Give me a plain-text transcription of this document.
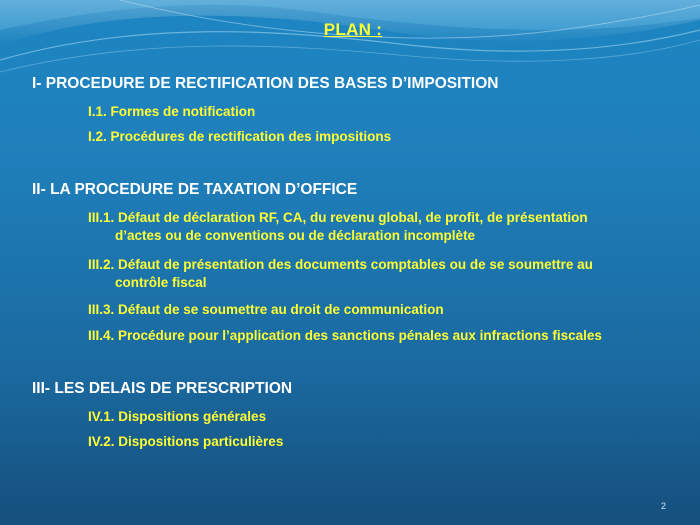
PLAN :
I- PROCEDURE DE RECTIFICATION DES BASES D’IMPOSITION
I.1. Formes de notification
I.2. Procédures de rectification des impositions
II- LA PROCEDURE DE TAXATION D’OFFICE
III.1. Défaut de déclaration RF, CA, du revenu global, de profit, de présentation
d’actes ou de conventions ou de déclaration incomplète
III.2. Défaut de présentation des documents comptables ou de se soumettre au
contrôle fiscal
III.3. Défaut de se soumettre au droit de communication
III.4. Procédure pour l’application des sanctions pénales aux infractions fiscales
III- LES DELAIS DE PRESCRIPTION
IV.1. Dispositions générales
IV.2. Dispositions particulières
2
